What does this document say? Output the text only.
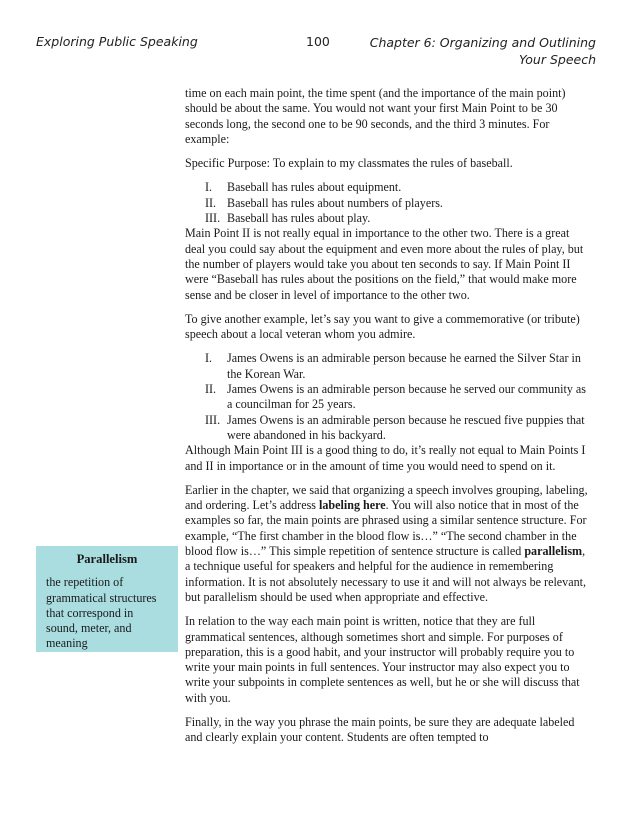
Exploring Public Speaking	100	Chapter 6: Organizing and Outlining
Your Speech

time on each main point, the time spent (and the importance of the main point) should be about the same. You would not want your first Main Point to be 30 seconds long, the second one to be 90 seconds, and the third 3 minutes. For example:

Specific Purpose: To explain to my classmates the rules of baseball.

I. Baseball has rules about equipment.
II. Baseball has rules about numbers of players.
III. Baseball has rules about play.

Main Point II is not really equal in importance to the other two. There is a great deal you could say about the equipment and even more about the rules of play, but the number of players would take you about ten seconds to say. If Main Point II were “Baseball has rules about the positions on the field,” that would make more sense and be closer in level of importance to the other two.

To give another example, let’s say you want to give a commemorative (or tribute) speech about a local veteran whom you admire.

I. James Owens is an admirable person because he earned the Silver Star in the Korean War.
II. James Owens is an admirable person because he served our community as a councilman for 25 years.
III. James Owens is an admirable person because he rescued five puppies that were abandoned in his backyard.

Although Main Point III is a good thing to do, it’s really not equal to Main Points I and II in importance or in the amount of time you would need to spend on it.

Earlier in the chapter, we said that organizing a speech involves grouping, labeling, and ordering. Let’s address labeling here. You will also notice that in most of the examples so far, the main points are phrased using a similar sentence structure. For example, “The first chamber in the blood flow is…” “The second chamber in the blood flow is…” This simple repetition of sentence structure is called parallelism, a technique useful for speakers and helpful for the audience in remembering information. It is not absolutely necessary to use it and will not always be relevant, but parallelism should be used when appropriate and effective.

In relation to the way each main point is written, notice that they are full grammatical sentences, although sometimes short and simple. For purposes of preparation, this is a good habit, and your instructor will probably require you to write your main points in full sentences. Your instructor may also expect you to write your subpoints in complete sentences as well, but he or she will discuss that with you.

Finally, in the way you phrase the main points, be sure they are adequate labeled and clearly explain your content. Students are often tempted to

Parallelism
the repetition of grammatical structures that correspond in sound, meter, and meaning
